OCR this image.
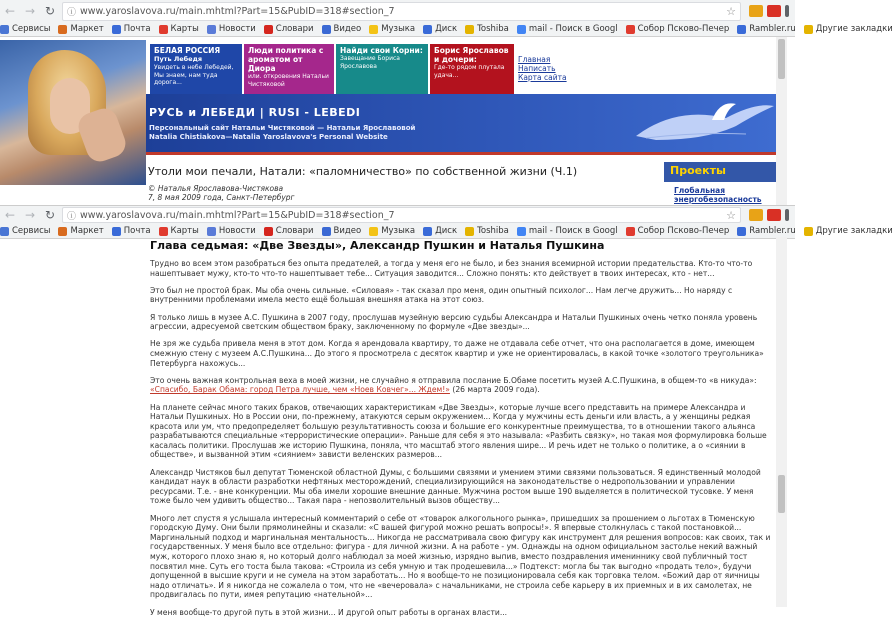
← → ↻	ⓘ www.yaroslavova.ru/main.mhtml?Part=15&PubID=318#section_7	☆
Сервисы Маркет Почта Карты Новости Словари Видео Музыка Диск Toshiba mail - Поиск в Googl Собор Псково-Печер Rambler.ru Другие закладки
БЕЛАЯ РОССИЯ
Путь Лебедя
Увидеть в небе Лебедей, Мы знаем, нам туда дорога...
Люди политика с ароматом от Диора
или. откровения Натальи Чистяковой
Найди свои Корни:
Завещание Бориса Ярославова
Борис Ярославов и дочери:
Где-то рядом плутала удача...
Главная
Написать
Карта сайта
РУСЬ и ЛЕБЕДИ | RUSI - LEBEDI
Персональный сайт Натальи Чистяковой — Натальи Ярославовой
Natalia Chistiakova—Natalia Yaroslavova's Personal Website
Утоли мои печали, Натали: «паломничество» по собственной жизни (Ч.1)
© Наталья Ярославова-Чистякова
7, 8 мая 2009 года, Санкт-Петербург
Проекты
Глобальная энергобезопасность
← → ↻	ⓘ www.yaroslavova.ru/main.mhtml?Part=15&PubID=318#section_7	☆
Сервисы Маркет Почта Карты Новости Словари Видео Музыка Диск Toshiba mail - Поиск в Googl Собор Псково-Печер Rambler.ru Другие закладки
Глава седьмая: «Две Звезды», Александр Пушкин и Наталья Пушкина

Трудно во всем этом разобраться без опыта предателей, а тогда у меня его не было, и без знания всемирной истории предательства. Кто-то что-то нашептывает мужу, кто-то что-то нашептывает тебе... Ситуация заводится... Сложно понять: кто действует в твоих интересах, кто - нет...

Это был не простой брак. Мы оба очень сильные. «Силовая» - так сказал про меня, один опытный психолог... Нам легче дружить... Но наряду с внутренними проблемами имела место ещё большая внешняя атака на этот союз.

Я только лишь в музее А.С. Пушкина в 2007 году, прослушав музейную версию судьбы Александра и Натальи Пушкиных очень четко поняла уровень агрессии, адресуемой светским обществом браку, заключенному по формуле «Две звезды»...

Не зря же судьба привела меня в этот дом. Когда я арендовала квартиру, то даже не отдавала себе отчет, что она располагается в доме, имеющем смежную стену с музеем А.С.Пушкина... До этого я просмотрела с десяток квартир и уже не ориентировалась, в какой точке «золотого треугольника» Петербурга нахожусь...

Это очень важная контрольная веха в моей жизни, не случайно я отправила послание Б.Обаме посетить музей А.С.Пушкина, в общем-то «в никуда»: «Спасибо, Барак Обама: город Петра лучше, чем «Ноев Ковчег»... Ждем!» (26 марта 2009 года).

На планете сейчас много таких браков, отвечающих характеристикам «Две Звезды», которые лучше всего представить на примере Александра и Натальи Пушкиных. Но в России они, по-прежнему, атакуются серым окружением... Когда у мужчины есть деньги или власть, а у женщины редкая красота или ум, что предопределяет большую результативность союза и большие его конкурентные преимущества, то в отношении такого альянса разрабатываются специальные «террористические операции». Раньше для себя я это называла: «Разбить связку», но такая моя формулировка больше касалась политики. Прослушав же историю Пушкина, поняла, что масштаб этого явления шире... И речь идет не только о политике, а о «сиянии в обществе», и вызванной этим «сиянием» зависти веленских размеров...

Александр Чистяков был депутат Тюменской областной Думы, с большими связями и умением этими связями пользоваться. Я единственный молодой кандидат наук в области разработки нефтяных месторождений, специализирующийся на законодательстве о недропользовании и управлении ресурсами. Т.е. - вне конкуренции. Мы оба имели хорошие внешние данные. Мужчина ростом выше 190 выделяется в политической тусовке. У меня тоже было чем удивить общество... Такая пара - непозволительный вызов обществу...

Много лет спустя я услышала интересный комментарий о себе от «товарок алкогольного рынка», пришедших за прошением о льготах в Тюменскую городскую Думу. Они были прямолинейны и сказали: «С вашей фигурой можно решать вопросы!». Я впервые столкнулась с такой постановкой... Маргинальный подход и маргинальная ментальность... Никогда не рассматривала свою фигуру как инструмент для решения вопросов: как своих, так и государственных. У меня было все отдельно: фигура - для личной жизни. А на работе - ум. Однажды на одном официальном застолье некий важный муж, которого плохо знаю я, но который долго наблюдал за моей жизнью, изрядно выпив, вместо поздравления имениннику свой публичный тост посвятил мне. Суть его тоста была такова: «Строила из себя умную и так продешевила...» Подтекст: могла бы так выгодно «продать тело», будучи допущенной в высшие круги и не сумела на этом заработать... Но я вообще-то не позиционировала себя как торговка телом. «Божий дар от яичницы надо отличать». И я никогда не сожалела о том, что не «вечеровала» с начальниками, не строила себе карьеру в их приемных и в их самолетах, не продвигалась по пути, имея репутацию «нательной»...

У меня вообще-то другой путь в этой жизни... И другой опыт работы в органах власти...
